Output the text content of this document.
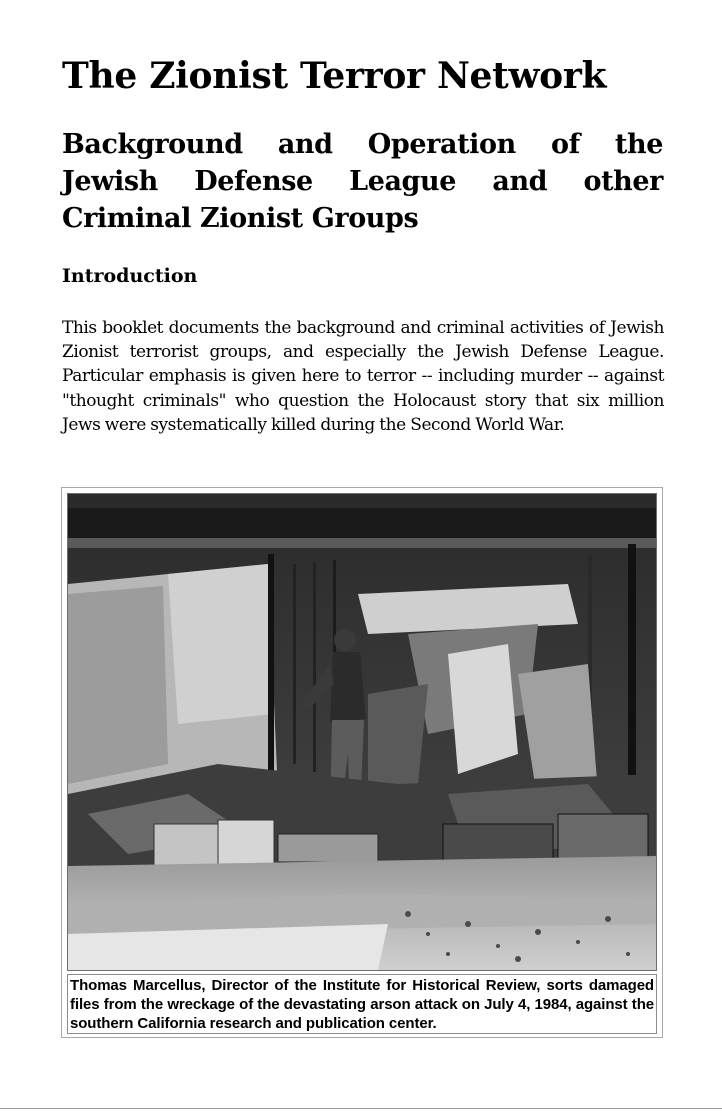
The Zionist Terror Network
Background and Operation of the Jewish Defense League and other Criminal Zionist Groups
Introduction

This booklet documents the background and criminal activities of Jewish Zionist terrorist groups, and especially the Jewish Defense League. Particular emphasis is given here to terror -- including murder -- against "thought criminals" who question the Holocaust story that six million Jews were systematically killed during the Second World War.

Thomas Marcellus, Director of the Institute for Historical Review, sorts damaged files from the wreckage of the devastating arson attack on July 4, 1984, against the southern California research and publication center.
